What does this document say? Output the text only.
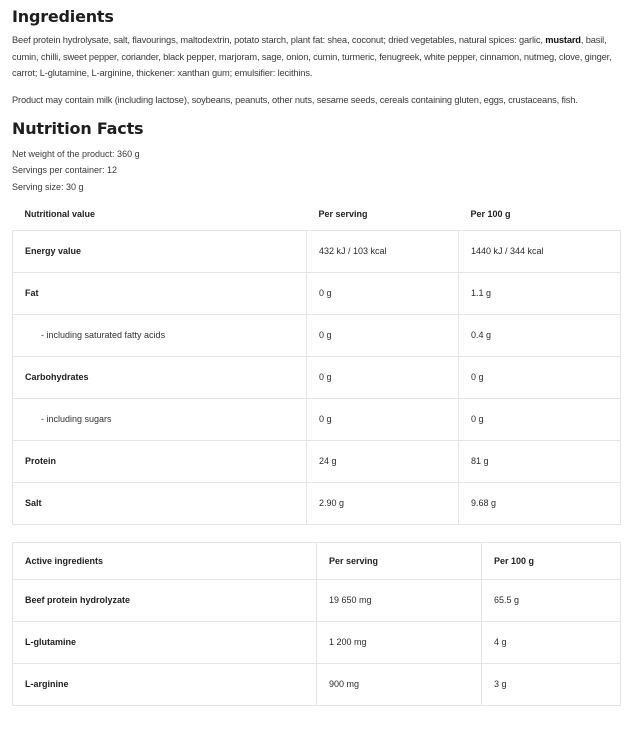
Ingredients
Beef protein hydrolysate, salt, flavourings, maltodextrin, potato starch, plant fat: shea, coconut; dried vegetables, natural spices: garlic, mustard, basil, cumin, chilli, sweet pepper, coriander, black pepper, marjoram, sage, onion, cumin, turmeric, fenugreek, white pepper, cinnamon, nutmeg, clove, ginger, carrot; L-glutamine, L-arginine, thickener: xanthan gum; emulsifier: lecithins.
Product may contain milk (including lactose), soybeans, peanuts, other nuts, sesame seeds, cereals containing gluten, eggs, crustaceans, fish.
Nutrition Facts
Net weight of the product: 360 g
Servings per container: 12
Serving size: 30 g
Nutritional value	Per serving	Per 100 g
Energy value	432 kJ / 103 kcal	1440 kJ / 344 kcal
Fat	0 g	1.1 g
- including saturated fatty acids	0 g	0.4 g
Carbohydrates	0 g	0 g
- including sugars	0 g	0 g
Protein	24 g	81 g
Salt	2.90 g	9.68 g
Active ingredients	Per serving	Per 100 g
Beef protein hydrolyzate	19 650 mg	65.5 g
L-glutamine	1 200 mg	4 g
L-arginine	900 mg	3 g
